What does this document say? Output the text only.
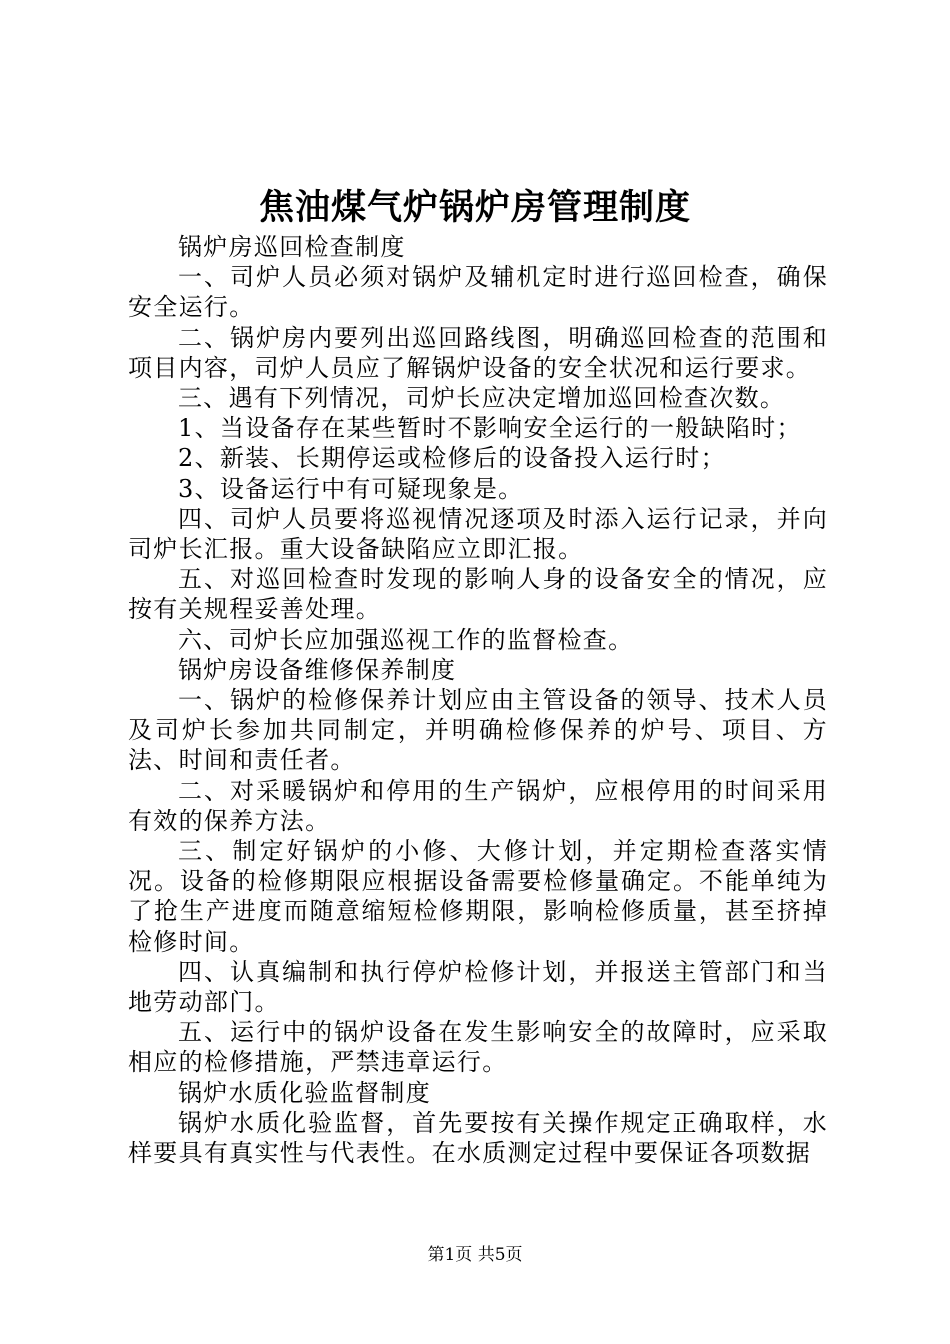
焦油煤气炉锅炉房管理制度

锅炉房巡回检查制度

一、司炉人员必须对锅炉及辅机定时进行巡回检查，确保安全运行。

二、锅炉房内要列出巡回路线图，明确巡回检查的范围和项目内容，司炉人员应了解锅炉设备的安全状况和运行要求。

三、遇有下列情况，司炉长应决定增加巡回检查次数。

1、当设备存在某些暂时不影响安全运行的一般缺陷时；

2、新装、长期停运或检修后的设备投入运行时；

3、设备运行中有可疑现象是。

四、司炉人员要将巡视情况逐项及时添入运行记录，并向司炉长汇报。重大设备缺陷应立即汇报。

五、对巡回检查时发现的影响人身的设备安全的情况，应按有关规程妥善处理。

六、司炉长应加强巡视工作的监督检查。

锅炉房设备维修保养制度

一、锅炉的检修保养计划应由主管设备的领导、技术人员及司炉长参加共同制定，并明确检修保养的炉号、项目、方法、时间和责任者。

二、对采暖锅炉和停用的生产锅炉，应根停用的时间采用有效的保养方法。

三、制定好锅炉的小修、大修计划，并定期检查落实情况。设备的检修期限应根据设备需要检修量确定。不能单纯为了抢生产进度而随意缩短检修期限，影响检修质量，甚至挤掉检修时间。

四、认真编制和执行停炉检修计划，并报送主管部门和当地劳动部门。

五、运行中的锅炉设备在发生影响安全的故障时，应采取相应的检修措施，严禁违章运行。

锅炉水质化验监督制度

锅炉水质化验监督，首先要按有关操作规定正确取样，水样要具有真实性与代表性。在水质测定过程中要保证各项数据

第1页 共5页
